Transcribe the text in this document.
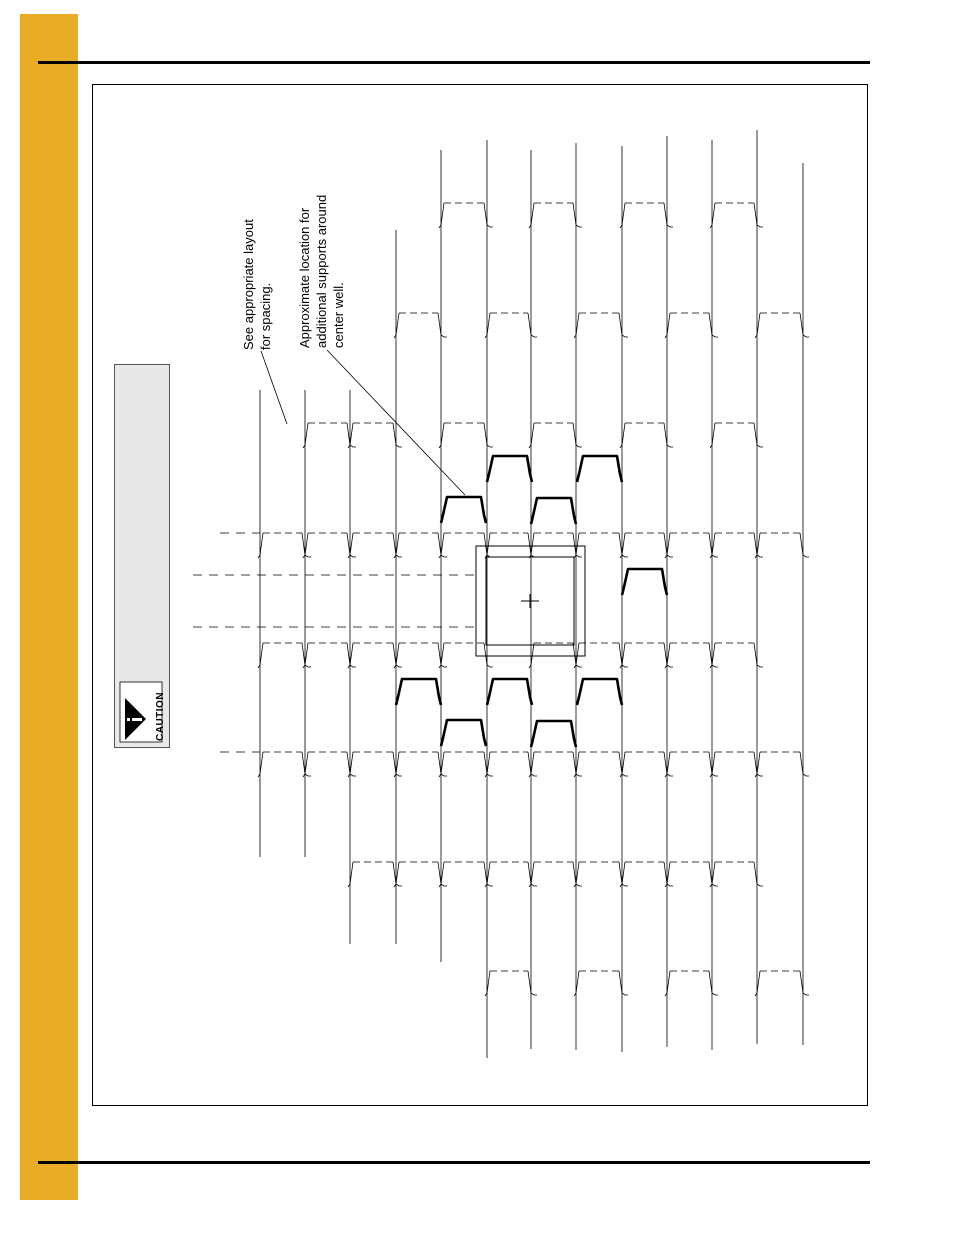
CAUTION
See appropriate layout for spacing. Approximate location for additional supports around center well.
